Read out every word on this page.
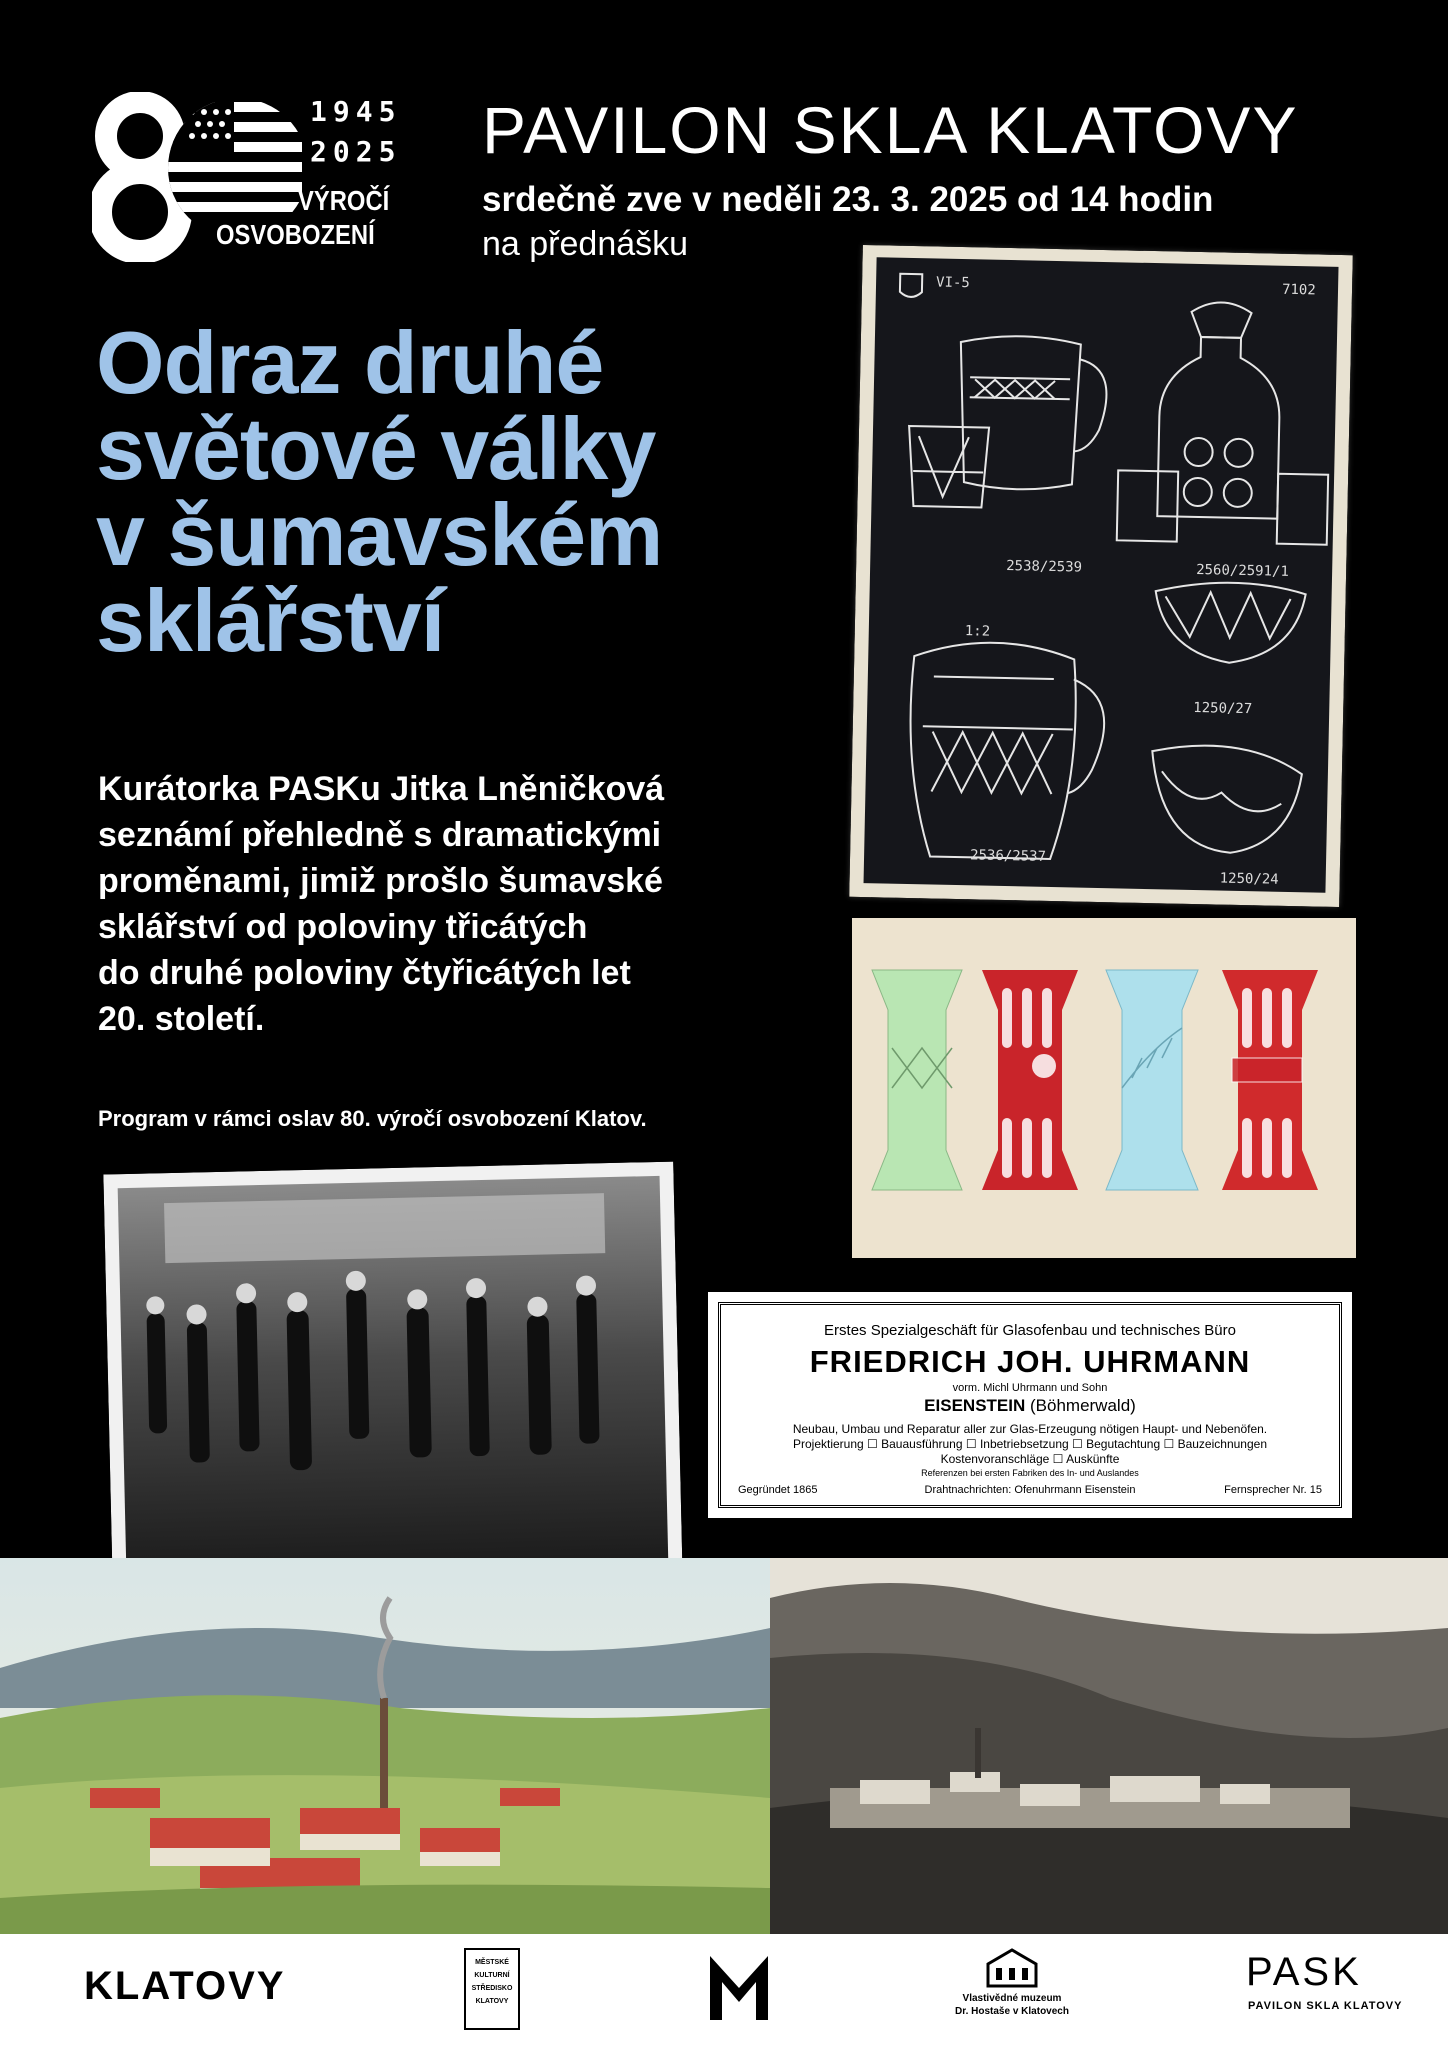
1945
2025
VÝROČÍ
OSVOBOZENÍ
PAVILON SKLA KLATOVY
srdečně zve v neděli 23. 3. 2025 od 14 hodin
na přednášku
Odraz druhé
světové války
v šumavském
sklářství
Kurátorka PASKu Jitka Lněničková
seznámí přehledně s dramatickými
proměnami, jimiž prošlo šumavské
sklářství od poloviny třicátých
do druhé poloviny čtyřicátých let
20. století.
Program v rámci oslav 80. výročí osvobození Klatov.
VI-5	7102
2538/2539	2560/2591/1
1:2
1250/27
2536/2537
1250/24
Erstes Spezialgeschäft für Glasofenbau und technisches Büro
FRIEDRICH JOH. UHRMANN
vorm. Michl Uhrmann und Sohn
EISENSTEIN (Böhmerwald)
Neubau, Umbau und Reparatur aller zur Glas-Erzeugung nötigen Haupt- und Nebenöfen.
Projektierung ☐ Bauausführung ☐ Inbetriebsetzung ☐ Begutachtung ☐ Bauzeichnungen
Kostenvoranschläge ☐ Auskünfte
Referenzen bei ersten Fabriken des In- und Auslandes
Gegründet 1865	Drahtnachrichten: Ofenuhrmann Eisenstein	Fernsprecher Nr. 15
KLATOVY
MĚSTSKÉ
KULTURNÍ
STŘEDISKO
KLATOVY	Vlastivědné muzeum
Dr. Hostaše v Klatovech
PASK
PAVILON SKLA KLATOVY
